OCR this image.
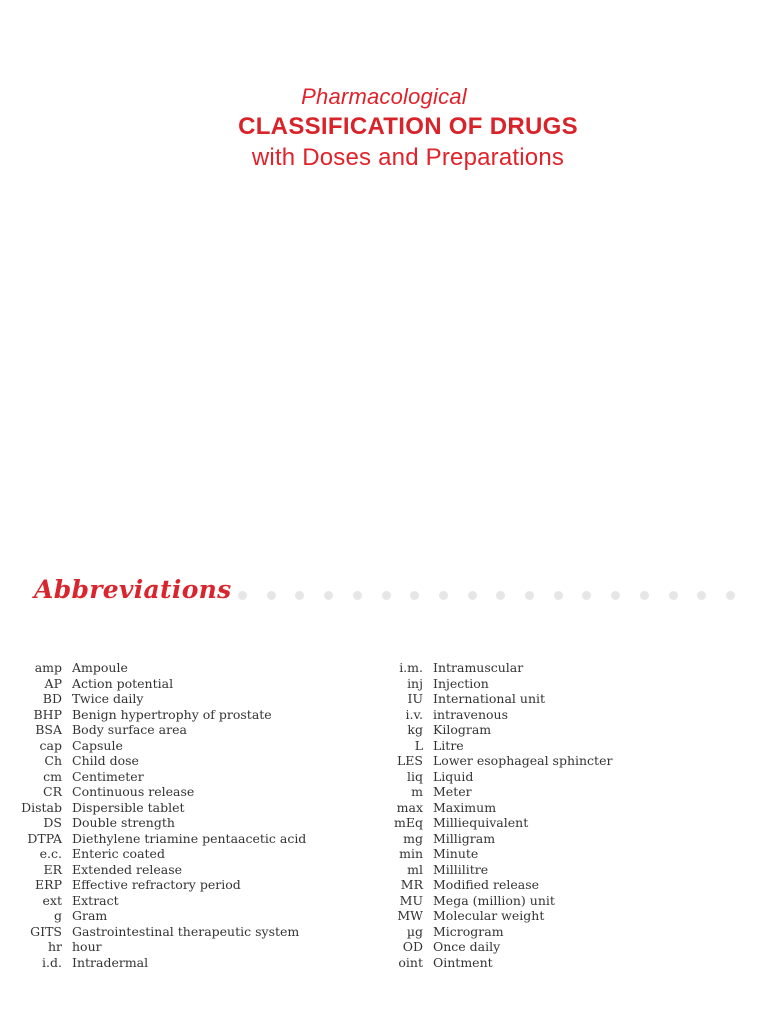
Pharmacological
CLASSIFICATION OF DRUGS
with Doses and Preparations
Abbreviations
amp Ampoule
AP Action potential
BD Twice daily
BHP Benign hypertrophy of prostate
BSA Body surface area
cap Capsule
Ch Child dose
cm Centimeter
CR Continuous release
Distab Dispersible tablet
DS Double strength
DTPA Diethylene triamine pentaacetic acid
e.c. Enteric coated
ER Extended release
ERP Effective refractory period
ext Extract
g Gram
GITS Gastrointestinal therapeutic system
hr hour
i.d. Intradermal
i.m. Intramuscular
inj Injection
IU International unit
i.v. intravenous
kg Kilogram
L Litre
LES Lower esophageal sphincter
liq Liquid
m Meter
max Maximum
mEq Milliequivalent
mg Milligram
min Minute
ml Millilitre
MR Modified release
MU Mega (million) unit
MW Molecular weight
µg Microgram
OD Once daily
oint Ointment
